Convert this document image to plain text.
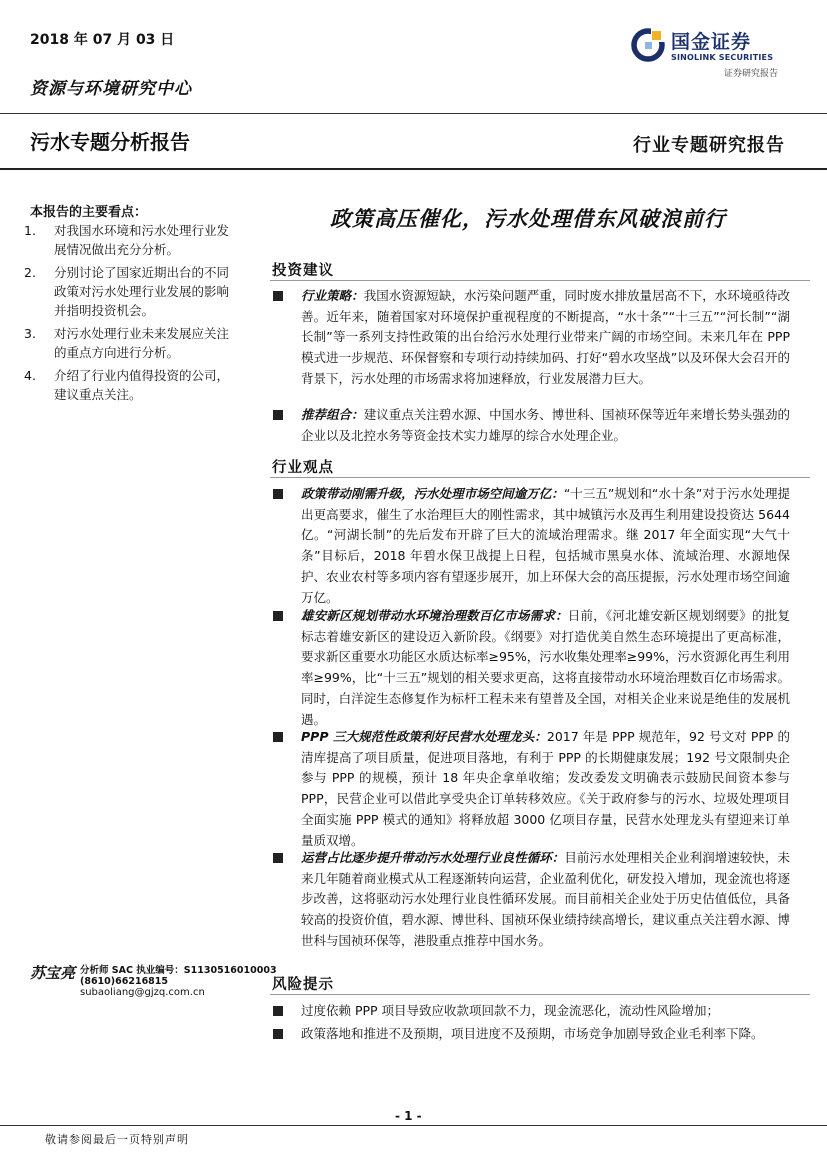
2018 年 07 月 03 日
资源与环境研究中心
污水专题分析报告	行业专题研究报告
国金证券
SINOLINK SECURITIES
证券研究报告
本报告的主要看点：
1.	对我国水环境和污水处理行业发展情况做出充分分析。
2.	分别讨论了国家近期出台的不同政策对污水处理行业发展的影响并指明投资机会。
3.	对污水处理行业未来发展应关注的重点方向进行分析。
4.	介绍了行业内值得投资的公司，建议重点关注。
苏宝亮 分析师 SAC 执业编号：S1130516010003
(8610)66216815
subaoliang@gjzq.com.cn
政策高压催化，污水处理借东风破浪前行
投资建议
行业策略：我国水资源短缺，水污染问题严重，同时废水排放量居高不下，水环境亟待改善。近年来，随着国家对环境保护重视程度的不断提高，“水十条”“十三五”“河长制”“湖长制”等一系列支持性政策的出台给污水处理行业带来广阔的市场空间。未来几年在 PPP 模式进一步规范、环保督察和专项行动持续加码、打好“碧水攻坚战”以及环保大会召开的背景下，污水处理的市场需求将加速释放，行业发展潜力巨大。
推荐组合：建议重点关注碧水源、中国水务、博世科、国祯环保等近年来增长势头强劲的企业以及北控水务等资金技术实力雄厚的综合水处理企业。
行业观点
政策带动刚需升级，污水处理市场空间逾万亿：“十三五”规划和“水十条”对于污水处理提出更高要求，催生了水治理巨大的刚性需求，其中城镇污水及再生利用建设投资达 5644 亿。“河湖长制”的先后发布开辟了巨大的流域治理需求。继 2017 年全面实现“大气十条”目标后，2018 年碧水保卫战提上日程，包括城市黑臭水体、流域治理、水源地保护、农业农村等多项内容有望逐步展开，加上环保大会的高压提振，污水处理市场空间逾万亿。
雄安新区规划带动水环境治理数百亿市场需求：日前，《河北雄安新区规划纲要》的批复标志着雄安新区的建设迈入新阶段。《纲要》对打造优美自然生态环境提出了更高标准，要求新区重要水功能区水质达标率≥95%，污水收集处理率≥99%，污水资源化再生利用率≥99%，比“十三五”规划的相关要求更高，这将直接带动水环境治理数百亿市场需求。同时，白洋淀生态修复作为标杆工程未来有望普及全国，对相关企业来说是绝佳的发展机遇。
PPP 三大规范性政策利好民营水处理龙头：2017 年是 PPP 规范年，92 号文对 PPP 的清库提高了项目质量，促进项目落地，有利于 PPP 的长期健康发展；192 号文限制央企参与 PPP 的规模，预计 18 年央企拿单收缩；发改委发文明确表示鼓励民间资本参与 PPP，民营企业可以借此享受央企订单转移效应。《关于政府参与的污水、垃圾处理项目全面实施 PPP 模式的通知》将释放超 3000 亿项目存量，民营水处理龙头有望迎来订单量质双增。
运营占比逐步提升带动污水处理行业良性循环：目前污水处理相关企业利润增速较快，未来几年随着商业模式从工程逐渐转向运营，企业盈利优化，研发投入增加，现金流也将逐步改善，这将驱动污水处理行业良性循环发展。而目前相关企业处于历史估值低位，具备较高的投资价值，碧水源、博世科、国祯环保业绩持续高增长，建议重点关注碧水源、博世科与国祯环保等，港股重点推荐中国水务。
风险提示
过度依赖 PPP 项目导致应收款项回款不力，现金流恶化，流动性风险增加；
政策落地和推进不及预期，项目进度不及预期，市场竞争加剧导致企业毛利率下降。
- 1 -
敬请参阅最后一页特别声明
